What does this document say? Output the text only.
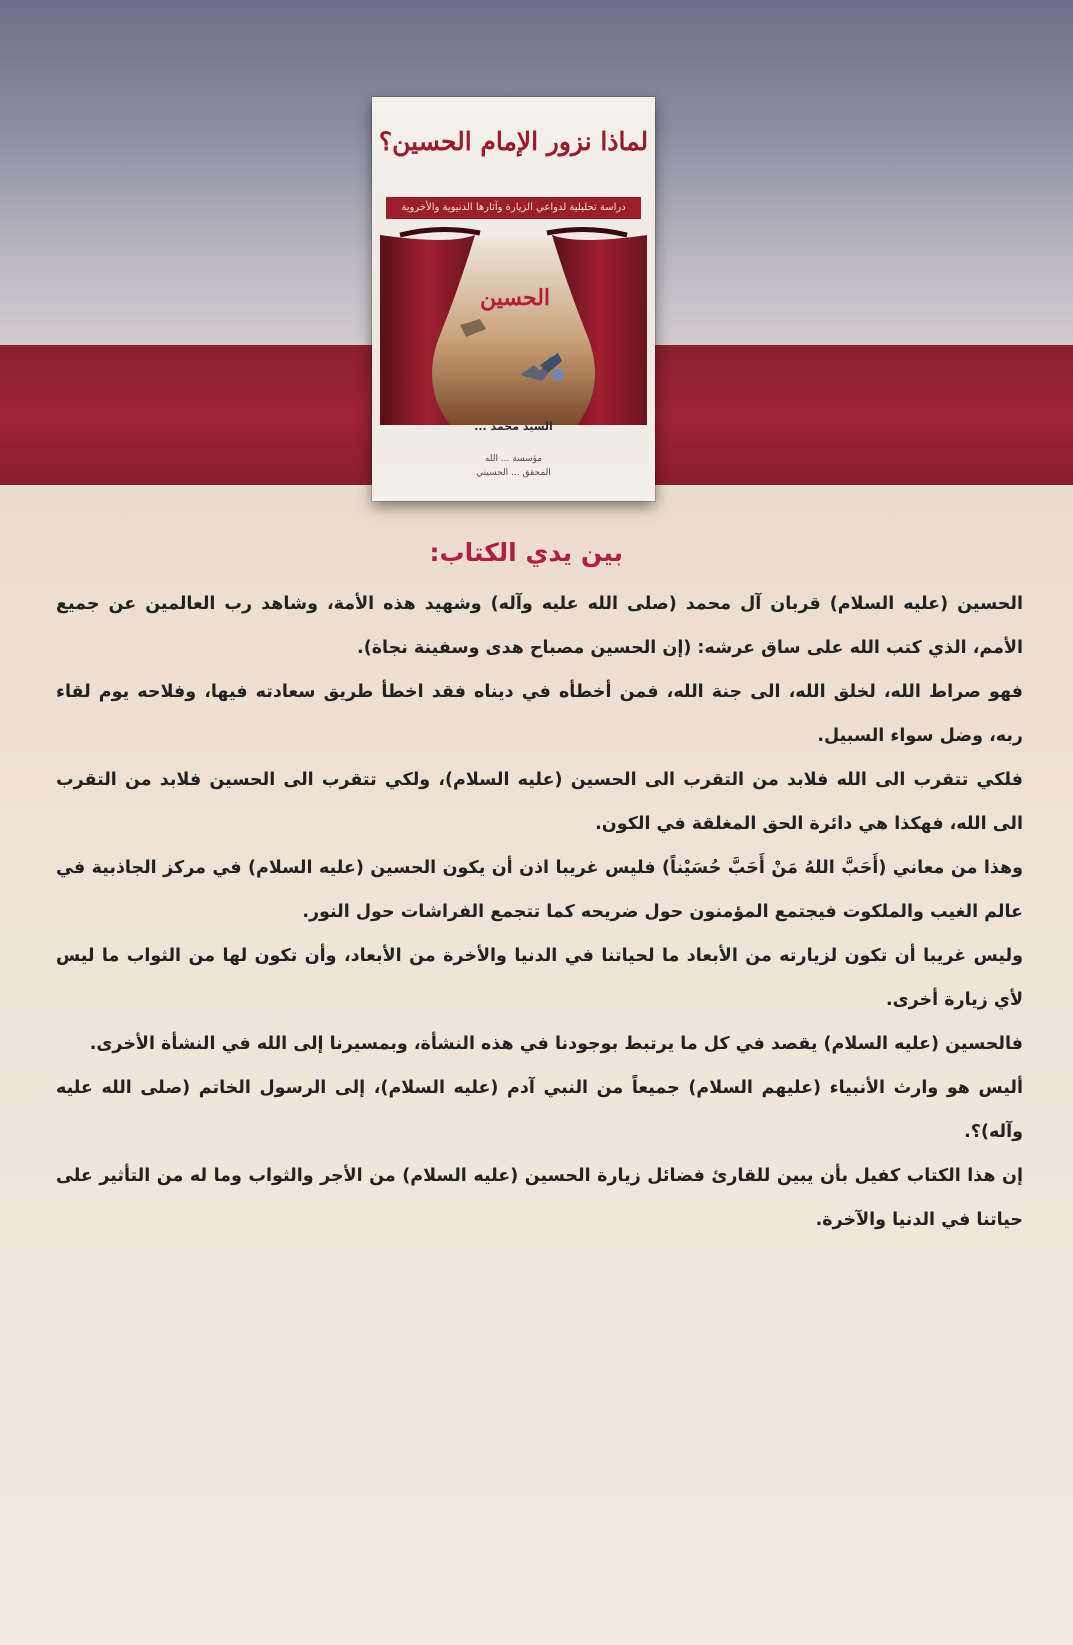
لماذا نزور الإمام الحسين؟
دراسة تحليلية لدواعي الزيارة وآثارها الدنيوية والأخروية
الحسين
السيد محمد ...
مؤسسة ... الله
المحقق ... الحسيني
بين يدي الكتاب:

الحسين (عليه السلام) قربان آل محمد (صلى الله عليه وآله) وشهيد هذه الأمة، وشاهد رب العالمين عن جميع الأمم، الذي كتب الله على ساق عرشه: (إن الحسين مصباح هدى وسفينة نجاة).

فهو صراط الله، لخلق الله، الى جنة الله، فمن أخطأه في ديناه فقد اخطأ طريق سعادته فيها، وفلاحه يوم لقاء ربه، وضل سواء السبيل.

فلكي تتقرب الى الله فلابد من التقرب الى الحسين (عليه السلام)، ولكي تتقرب الى الحسين فلابد من التقرب الى الله، فهكذا هي دائرة الحق المغلقة في الكون.

وهذا من معاني (أَحَبَّ اللهُ مَنْ أَحَبَّ حُسَيْناً) فليس غريبا اذن أن يكون الحسين (عليه السلام) في مركز الجاذبية في عالم الغيب والملكوت فيجتمع المؤمنون حول ضريحه كما تتجمع الفراشات حول النور.

وليس غريبا أن تكون لزيارته من الأبعاد ما لحياتنا في الدنيا والأخرة من الأبعاد، وأن تكون لها من الثواب ما ليس لأي زيارة أخرى.

فالحسين (عليه السلام) يقصد في كل ما يرتبط بوجودنا في هذه النشأة، وبمسيرنا إلى الله في النشأة الأخرى.

أليس هو وارث الأنبياء (عليهم السلام) جميعاً من النبي آدم (عليه السلام)، إلى الرسول الخاتم (صلى الله عليه وآله)؟.

إن هذا الكتاب كفيل بأن يبين للقارئ فضائل زيارة الحسين (عليه السلام) من الأجر والثواب وما له من التأثير على حياتنا في الدنيا والآخرة.
